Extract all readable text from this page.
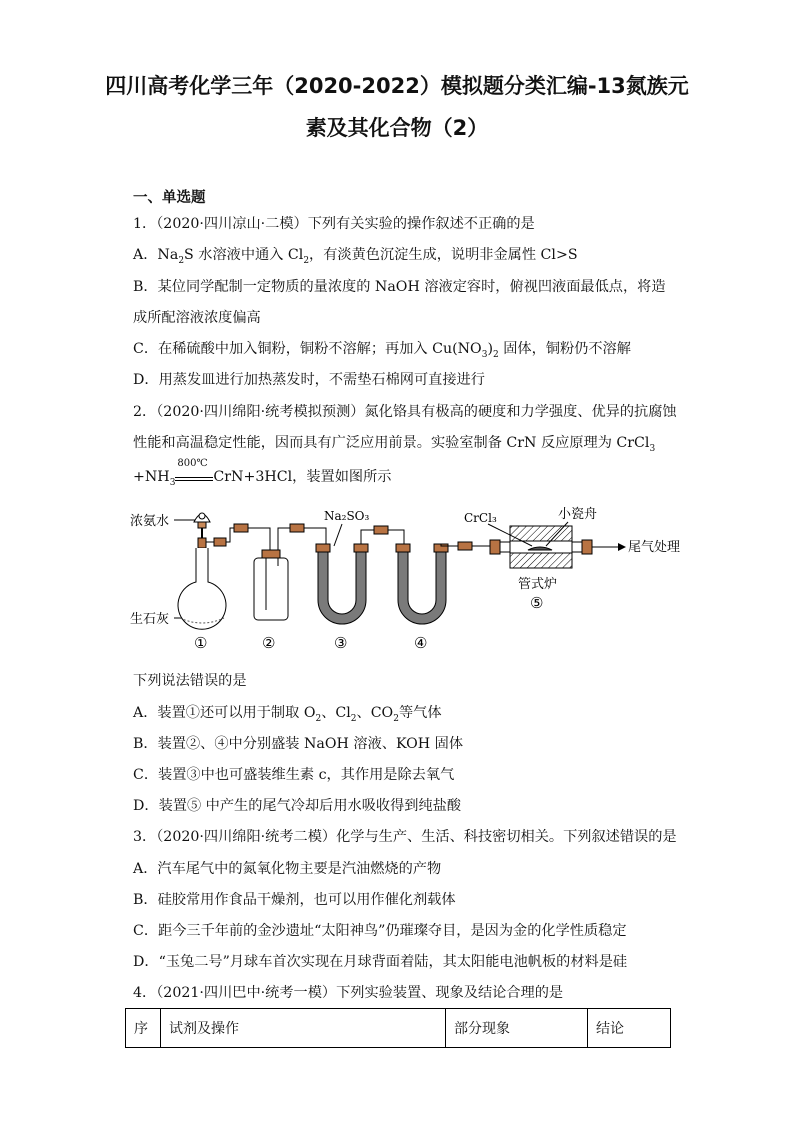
四川高考化学三年（2020-2022）模拟题分类汇编-13氮族元
素及其化合物（2）
一、单选题
1．（2020·四川凉山·二模）下列有关实验的操作叙述不正确的是
A．$Na_2S$ 水溶液中通入 $Cl_2$，有淡黄色沉淀生成，说明非金属性 Cl>S
B．某位同学配制一定物质的量浓度的 NaOH 溶液定容时，俯视凹液面最低点，将造
成所配溶液浓度偏高
C．在稀硫酸中加入铜粉，铜粉不溶解；再加入 $Cu(NO_3)_2$ 固体，铜粉仍不溶解
D．用蒸发皿进行加热蒸发时，不需垫石棉网可直接进行
2．（2020·四川绵阳·统考模拟预测）氮化铬具有极高的硬度和力学强度、优异的抗腐蚀
性能和高温稳定性能，因而具有广泛应用前景。实验室制备 CrN 反应原理为 CrCl$_3$
$+NH_3$
800℃
CrN+3HCl，装置如图所示
浓氨水
生石灰
Na₂SO₃	CrCl₃	小瓷舟
尾气处理
管式炉
⑤
①	②	③	④
下列说法错误的是
A．装置①还可以用于制取 $O_2$、$Cl_2$、$CO_2$等气体
B．装置②、④中分别盛装 NaOH 溶液、KOH 固体
C．装置③中也可盛装维生素 c，其作用是除去氧气
D．装置⑤ 中产生的尾气冷却后用水吸收得到纯盐酸
3．（2020·四川绵阳·统考二模）化学与生产、生活、科技密切相关。下列叙述错误的是
A．汽车尾气中的氮氧化物主要是汽油燃烧的产物
B．硅胶常用作食品干燥剂，也可以用作催化剂载体
C．距今三千年前的金沙遗址“太阳神鸟”仍璀璨夺目，是因为金的化学性质稳定
D．“玉兔二号”月球车首次实现在月球背面着陆，其太阳能电池帆板的材料是硅
4．（2021·四川巴中·统考一模）下列实验装置、现象及结论合理的是
序	试剂及操作	部分现象	结论
